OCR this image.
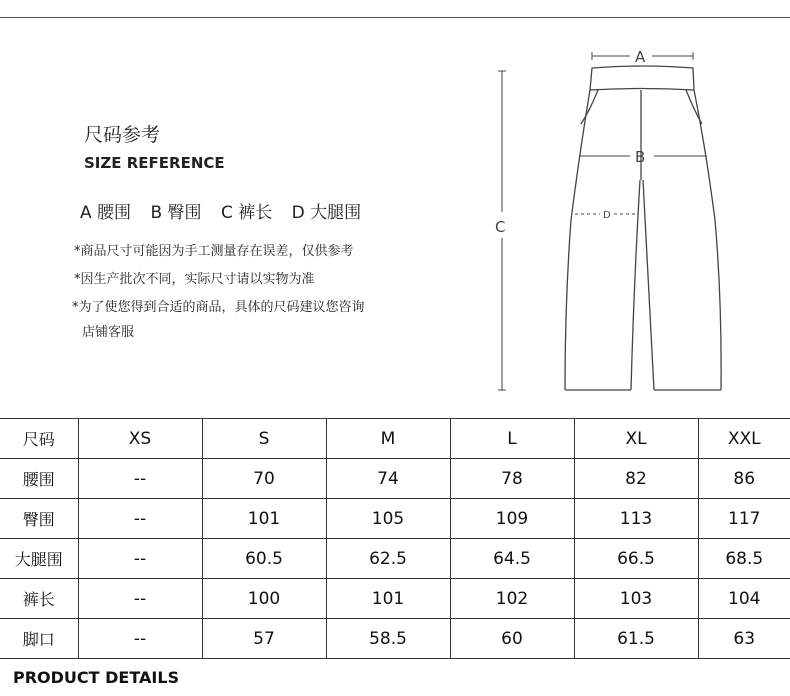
尺码参考
SIZE REFERENCE
A 腰围 B 臀围 C 裤长 D 大腿围
*商品尺寸可能因为手工测量存在误差，仅供参考
*因生产批次不同，实际尺寸请以实物为准
*为了使您得到合适的商品，具体的尺码建议您咨询
店铺客服
A
B
C
D
尺码	XS	S	M	L	XL	XXL
腰围	--	70	74	78	82	86
臀围	--	101	105	109	113	117
大腿围	--	60.5	62.5	64.5	66.5	68.5
裤长	--	100	101	102	103	104
脚口	--	57	58.5	60	61.5	63
PRODUCT DETAILS
